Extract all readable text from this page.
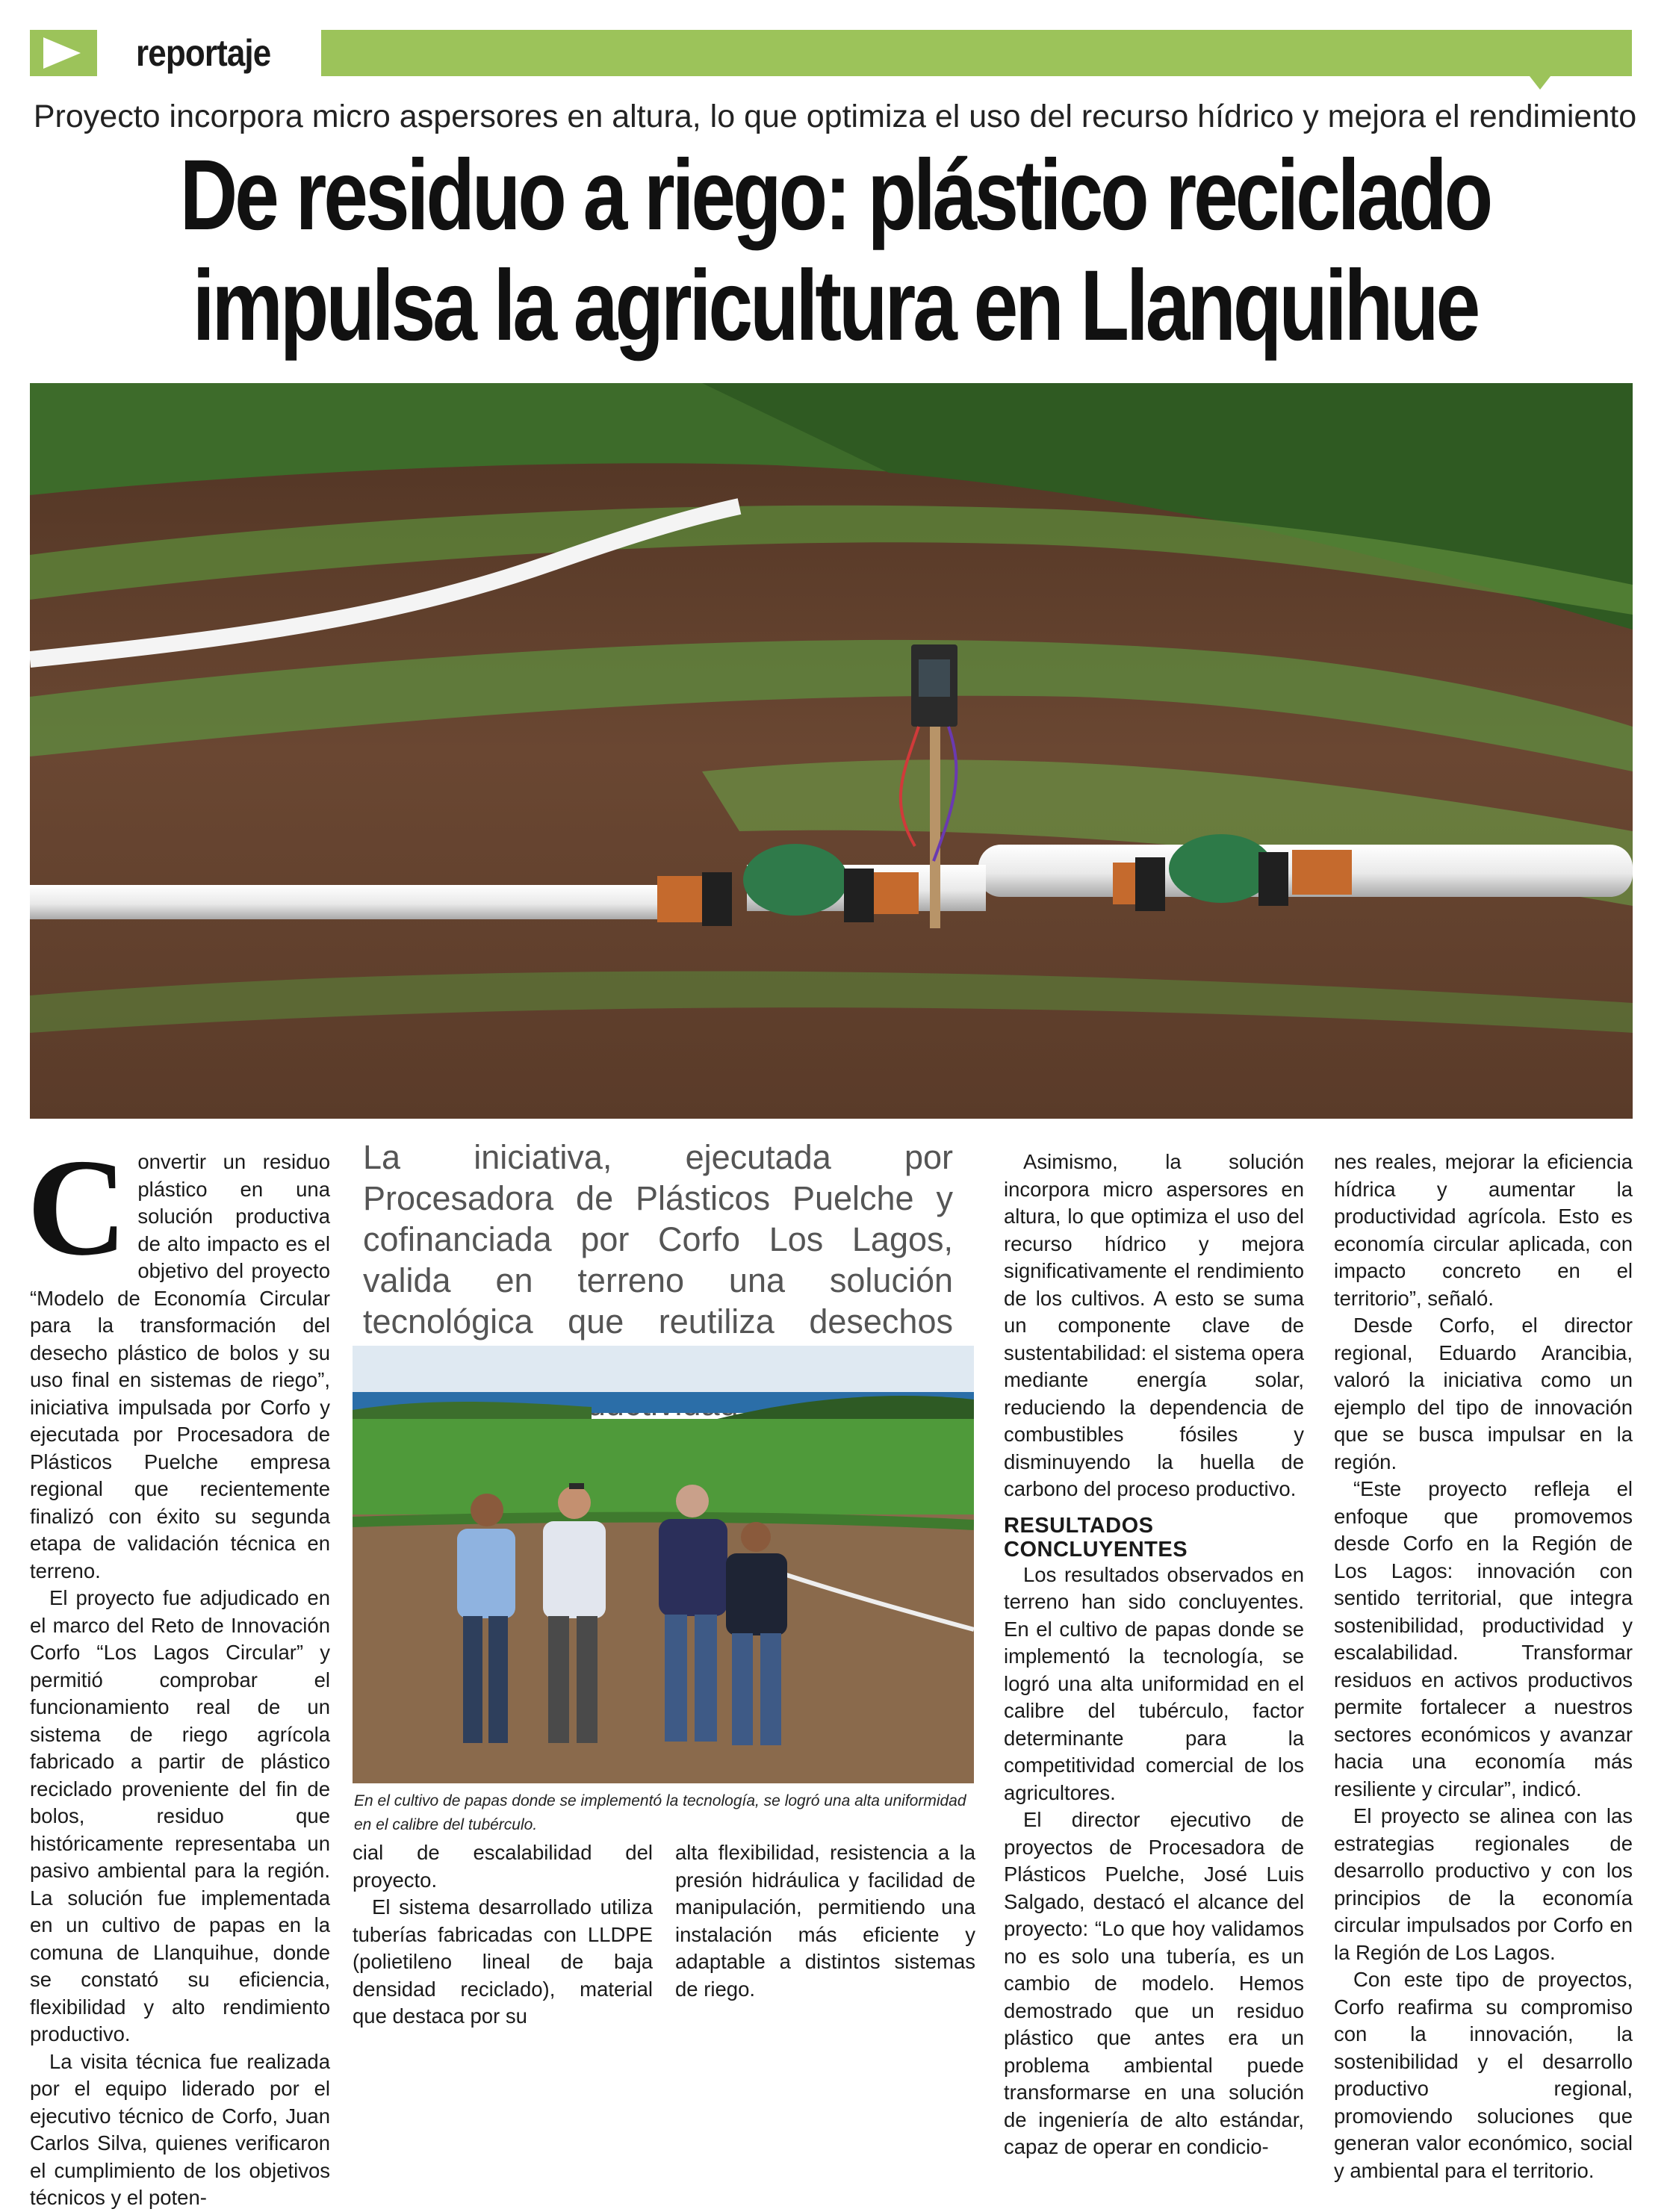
reportaje
Proyecto incorpora micro aspersores en altura, lo que optimiza el uso del recurso hídrico y mejora el rendimiento
De residuo a riego: plástico reciclado
impulsa la agricultura en Llanquihue

Convertir un residuo plástico en una solución productiva de alto impacto es el objetivo del proyecto “Modelo de Economía Circular para la transformación del desecho plástico de bolos y su uso final en sistemas de riego”, iniciativa impulsada por Corfo y ejecutada por Procesadora de Plásticos Puelche empresa regional que recientemente finalizó con éxito su segunda etapa de validación técnica en terreno.

El proyecto fue adjudicado en el marco del Reto de Innovación Corfo “Los Lagos Circular” y permitió comprobar el funcionamiento real de un sistema de riego agrícola fabricado a partir de plástico reciclado proveniente del fin de bolos, residuo que históricamente representaba un pasivo ambiental para la región. La solución fue implementada en un cultivo de papas en la comuna de Llanquihue, donde se constató su eficiencia, flexibilidad y alto rendimiento productivo.

La visita técnica fue realizada por el equipo liderado por el ejecutivo técnico de Corfo, Juan Carlos Silva, quienes verificaron el cumplimiento de los objetivos técnicos y el poten-

La iniciativa, ejecutada por Procesadora de Plásticos Puelche y cofinanciada por Corfo Los Lagos, valida en terreno una solución tecnológica que reutiliza desechos
En el cultivo de papas donde se implementó la tecnología, se logró una alta uniformidad en el calibre del tubérculo.

cial de escalabilidad del proyecto.

El sistema desarrollado utiliza tuberías fabricadas con LLDPE (polietileno lineal de baja densidad reciclado), material que destaca por su

alta flexibilidad, resistencia a la presión hidráulica y facilidad de manipulación, permitiendo una instalación más eficiente y adaptable a distintos sistemas de riego.

Asimismo, la solución incorpora micro aspersores en altura, lo que optimiza el uso del recurso hídrico y mejora significativamente el rendimiento de los cultivos. A esto se suma un componente clave de sustentabilidad: el sistema opera mediante energía solar, reduciendo la dependencia de combustibles fósiles y disminuyendo la huella de carbono del proceso productivo.

RESULTADOS CONCLUYENTES

Los resultados observados en terreno han sido concluyentes. En el cultivo de papas donde se implementó la tecnología, se logró una alta uniformidad en el calibre del tubérculo, factor determinante para la competitividad comercial de los agricultores.

El director ejecutivo de proyectos de Procesadora de Plásticos Puelche, José Luis Salgado, destacó el alcance del proyecto: “Lo que hoy validamos no es solo una tubería, es un cambio de modelo. Hemos demostrado que un residuo plástico que antes era un problema ambiental puede transformarse en una solución de ingeniería de alto estándar, capaz de operar en condicio-

nes reales, mejorar la eficiencia hídrica y aumentar la productividad agrícola. Esto es economía circular aplicada, con impacto concreto en el territorio”, señaló.

Desde Corfo, el director regional, Eduardo Arancibia, valoró la iniciativa como un ejemplo del tipo de innovación que se busca impulsar en la región.

“Este proyecto refleja el enfoque que promovemos desde Corfo en la Región de Los Lagos: innovación con sentido territorial, que integra sostenibilidad, productividad y escalabilidad. Transformar residuos en activos productivos permite fortalecer a nuestros sectores económicos y avanzar hacia una economía más resiliente y circular”, indicó.

El proyecto se alinea con las estrategias regionales de desarrollo productivo y con los principios de la economía circular impulsados por Corfo en la Región de Los Lagos.

Con este tipo de proyectos, Corfo reafirma su compromiso con la innovación, la sostenibilidad y el desarrollo productivo regional, promoviendo soluciones que generan valor económico, social y ambiental para el territorio.
